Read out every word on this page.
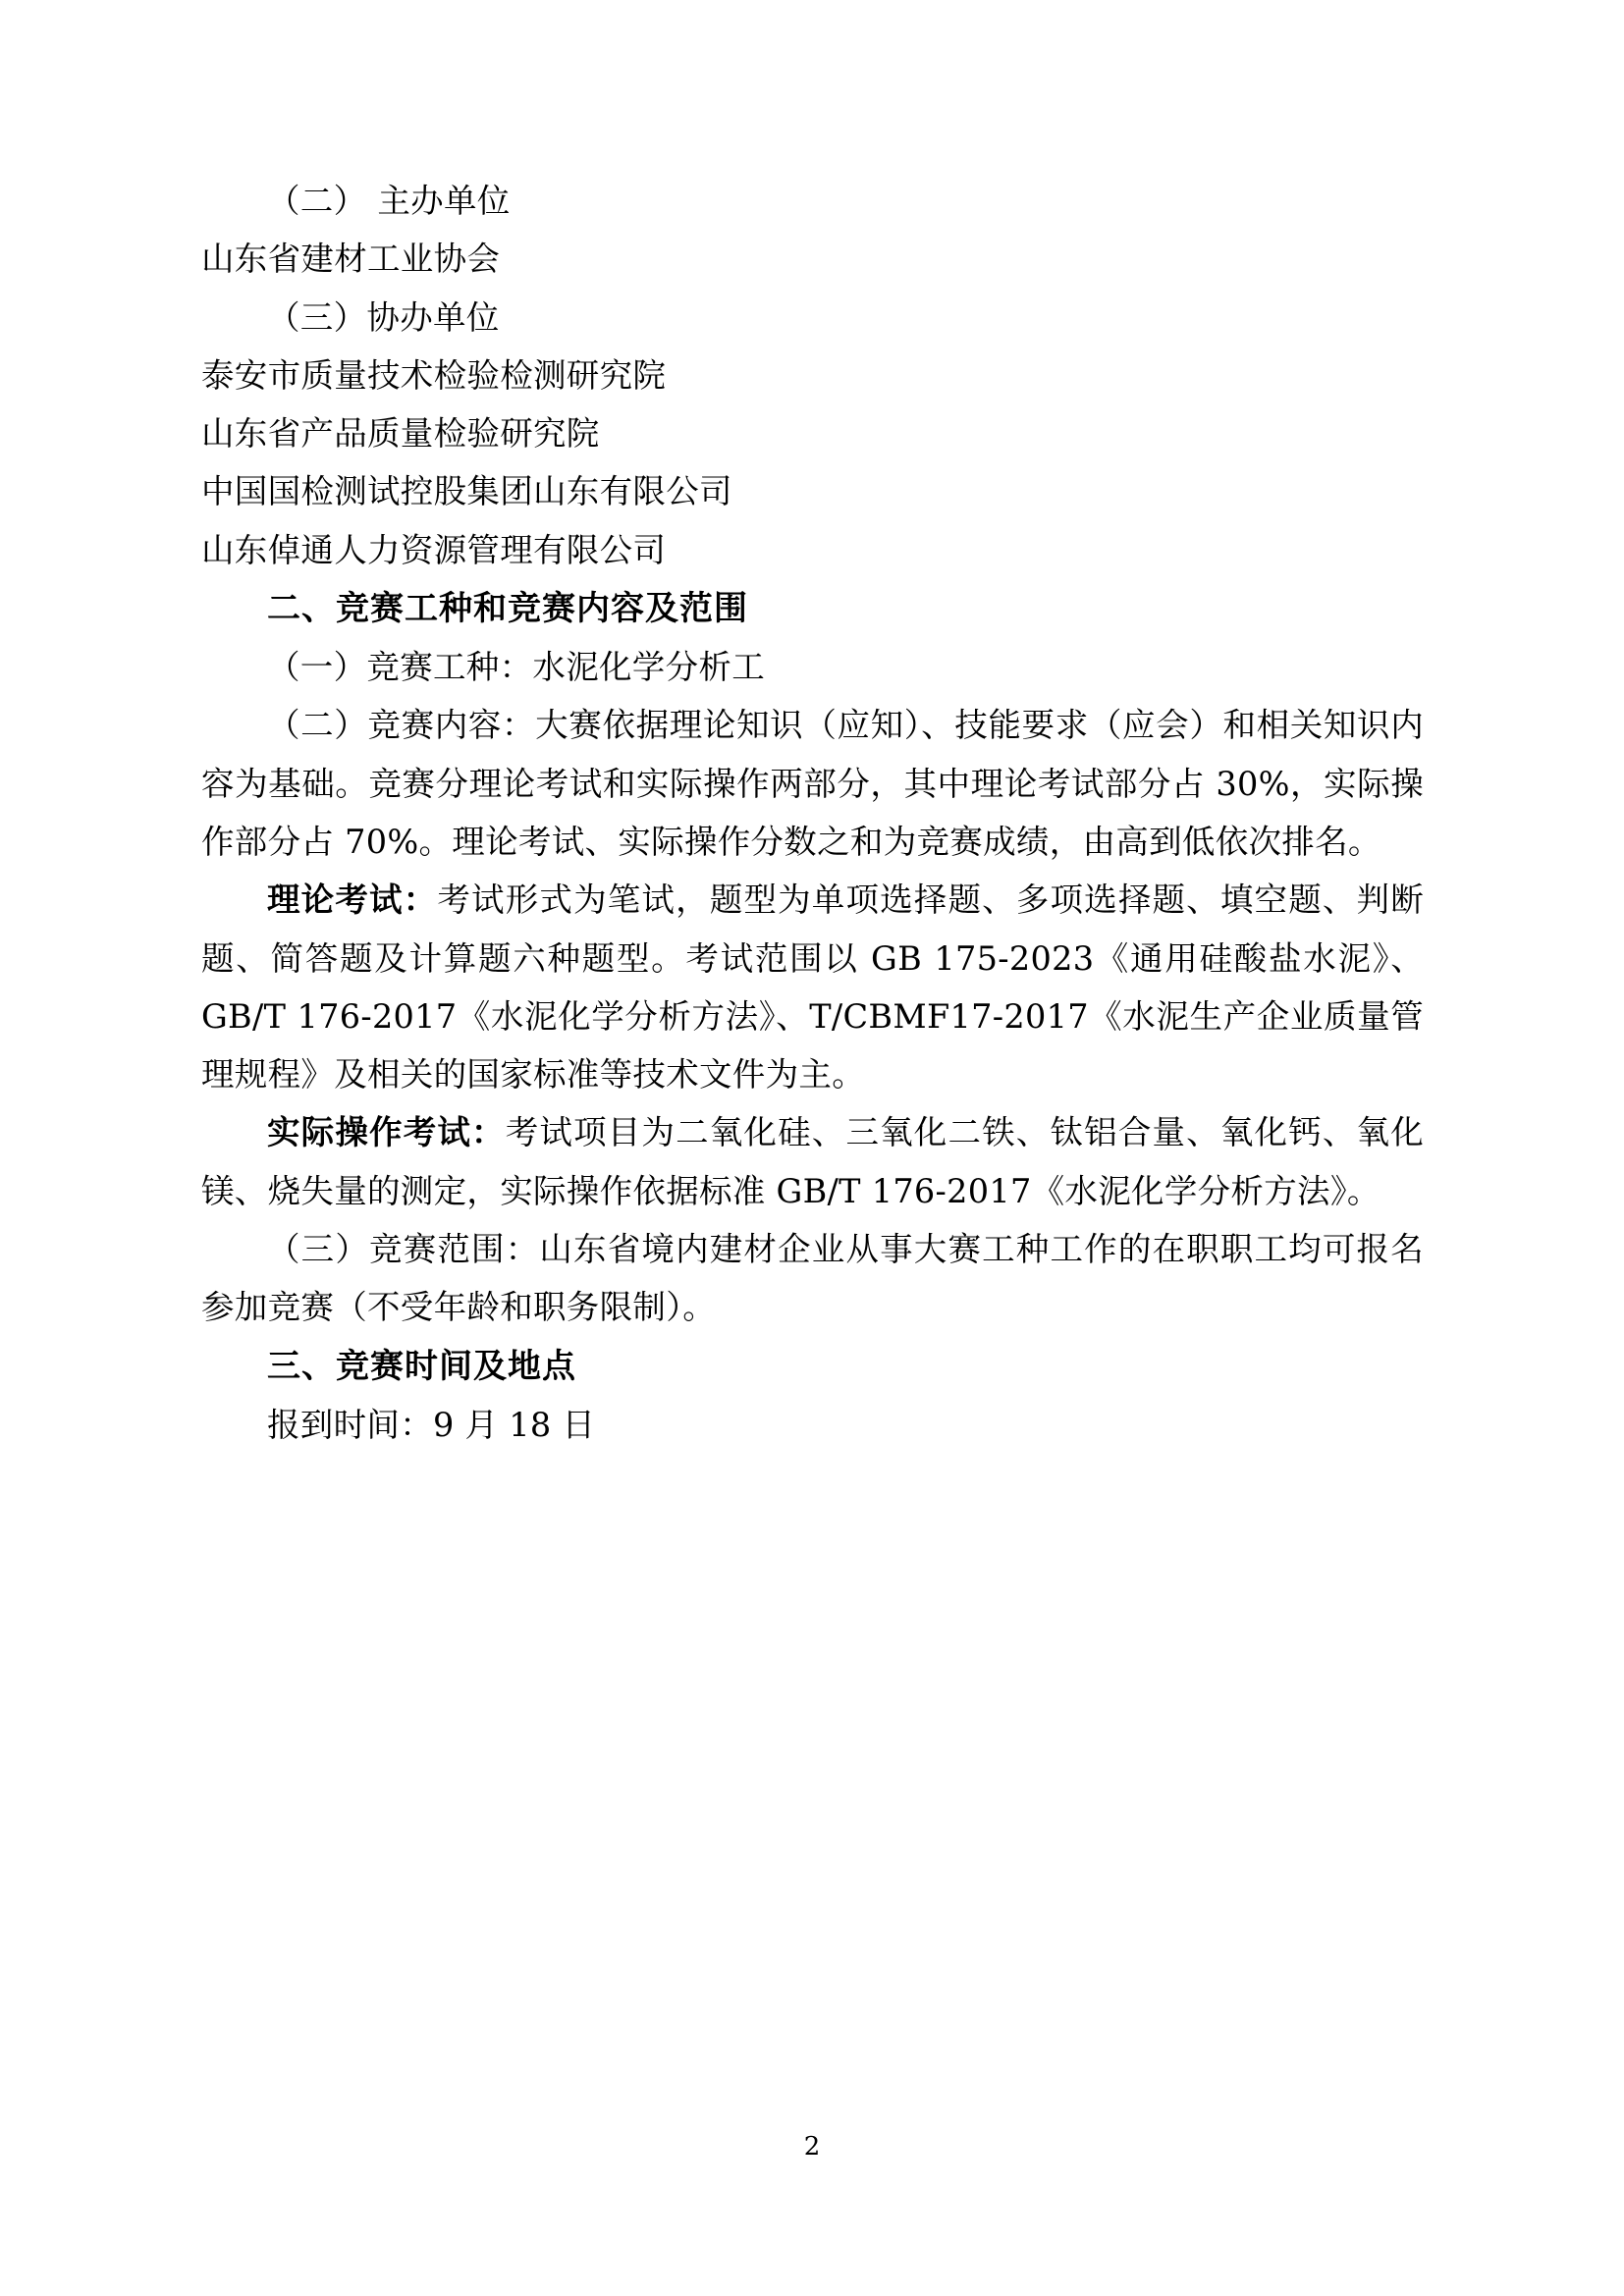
（二） 主办单位

山东省建材工业协会

（三）协办单位

泰安市质量技术检验检测研究院

山东省产品质量检验研究院

中国国检测试控股集团山东有限公司

山东倬通人力资源管理有限公司

二、竞赛工种和竞赛内容及范围

（一）竞赛工种：水泥化学分析工

（二）竞赛内容：大赛依据理论知识（应知）、技能要求（应会）和相关知识内容为基础。竞赛分理论考试和实际操作两部分，其中理论考试部分占 30%，实际操作部分占 70%。理论考试、实际操作分数之和为竞赛成绩，由高到低依次排名。

理论考试：考试形式为笔试，题型为单项选择题、多项选择题、填空题、判断题、简答题及计算题六种题型。考试范围以 GB 175-2023《通用硅酸盐水泥》、GB/T 176-2017《水泥化学分析方法》、T/CBMF17-2017《水泥生产企业质量管理规程》及相关的国家标准等技术文件为主。

实际操作考试：考试项目为二氧化硅、三氧化二铁、钛铝合量、氧化钙、氧化镁、烧失量的测定，实际操作依据标准 GB/T 176-2017《水泥化学分析方法》。

（三）竞赛范围：山东省境内建材企业从事大赛工种工作的在职职工均可报名参加竞赛（不受年龄和职务限制）。

三、竞赛时间及地点

报到时间：9 月 18 日

2
